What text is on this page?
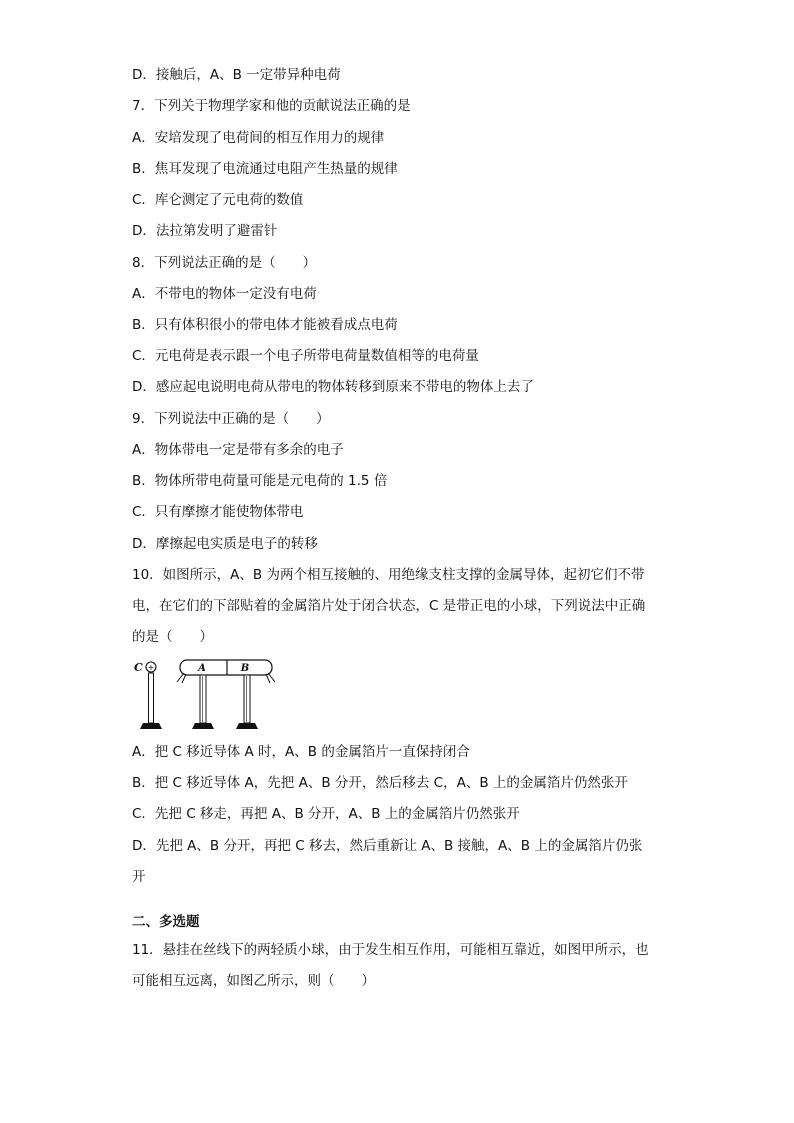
D．接触后，A、B 一定带异种电荷
7．下列关于物理学家和他的贡献说法正确的是
A．安培发现了电荷间的相互作用力的规律
B．焦耳发现了电流通过电阻产生热量的规律
C．库仑测定了元电荷的数值
D．法拉第发明了避雷针
8．下列说法正确的是（　　）
A．不带电的物体一定没有电荷
B．只有体积很小的带电体才能被看成点电荷
C．元电荷是表示跟一个电子所带电荷量数值相等的电荷量
D．感应起电说明电荷从带电的物体转移到原来不带电的物体上去了
9．下列说法中正确的是（　　）
A．物体带电一定是带有多余的电子
B．物体所带电荷量可能是元电荷的 1.5 倍
C．只有摩擦才能使物体带电
D．摩擦起电实质是电子的转移
10．如图所示，A、B 为两个相互接触的、用绝缘支柱支撑的金属导体，起初它们不带
电，在它们的下部贴着的金属箔片处于闭合状态，C 是带正电的小球，下列说法中正确
的是（　　）
C +	A	B
A．把 C 移近导体 A 时，A、B 的金属箔片一直保持闭合
B．把 C 移近导体 A，先把 A、B 分开，然后移去 C，A、B 上的金属箔片仍然张开
C．先把 C 移走，再把 A、B 分开，A、B 上的金属箔片仍然张开
D．先把 A、B 分开，再把 C 移去，然后重新让 A、B 接触，A、B 上的金属箔片仍张
开
二、多选题
11．悬挂在丝线下的两轻质小球，由于发生相互作用，可能相互靠近，如图甲所示，也
可能相互远离，如图乙所示，则（　　）
